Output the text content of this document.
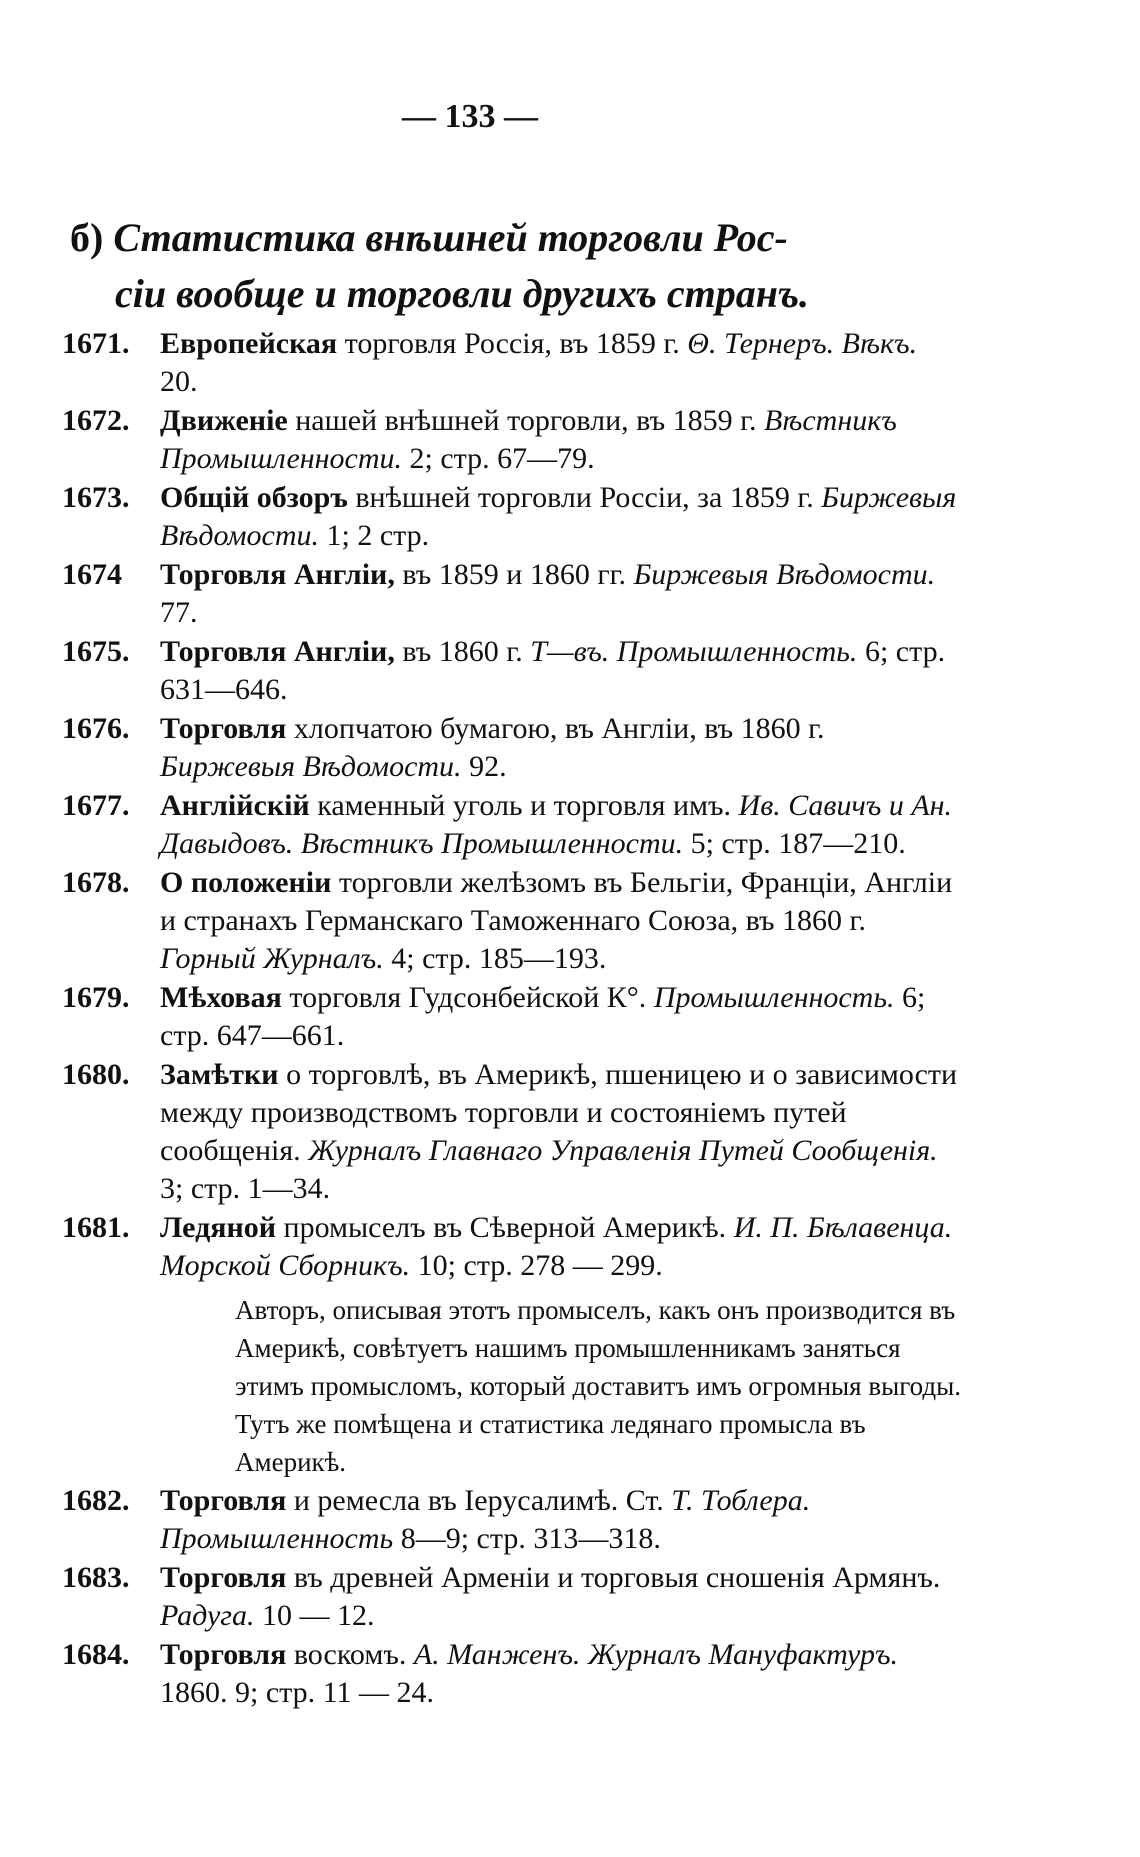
— 133 —
б) Статистика внѣшней торговли Рос-
сіи вообще и торговли другихъ странъ.
1671. Европейская торговля Россія, въ 1859 г. Θ. Тернеръ. Вѣкъ. 20.
1672. Движеніе нашей внѣшней торговли, въ 1859 г. Вѣстникъ Промышленности. 2; стр. 67—79.
1673. Общій обзоръ внѣшней торговли Россіи, за 1859 г. Биржевыя Вѣдомости. 1; 2 стр.
1674 Торговля Англіи, въ 1859 и 1860 гг. Биржевыя Вѣдомости. 77.
1675. Торговля Англіи, въ 1860 г. Т—въ. Промышленность. 6; стр. 631—646.
1676. Торговля хлопчатою бумагою, въ Англіи, въ 1860 г. Биржевыя Вѣдомости. 92.
1677. Англійскій каменный уголь и торговля имъ. Ив. Савичъ и Ан. Давыдовъ. Вѣстникъ Промышленности. 5; стр. 187—210.
1678. О положеніи торговли желѣзомъ въ Бельгіи, Франціи, Англіи и странахъ Германскаго Таможеннаго Союза, въ 1860 г. Горный Журналъ. 4; стр. 185—193.
1679. Мѣховая торговля Гудсонбейской К°. Промышленность. 6; стр. 647—661.
1680. Замѣтки о торговлѣ, въ Америкѣ, пшеницею и о зависимости между производствомъ торговли и состояніемъ путей сообщенія. Журналъ Главнаго Управленія Путей Сообщенія. 3; стр. 1—34.
1681. Ледяной промыселъ въ Сѣверной Америкѣ. И. П. Бѣлавенца. Морской Сборникъ. 10; стр. 278 — 299.
Авторъ, описывая этотъ промыселъ, какъ онъ производится въ Америкѣ, совѣтуетъ нашимъ промышленникамъ заняться этимъ промысломъ, который доставитъ имъ огромныя выгоды. Тутъ же помѣщена и статистика ледянаго промысла въ Америкѣ.
1682. Торговля и ремесла въ Іерусалимѣ. Ст. Т. Тоблера. Промышленность 8—9; стр. 313—318.
1683. Торговля въ древней Арменіи и торговыя сношенія Армянъ. Радуга. 10 — 12.
1684. Торговля воскомъ. А. Манженъ. Журналъ Мануфактуръ. 1860. 9; стр. 11 — 24.
